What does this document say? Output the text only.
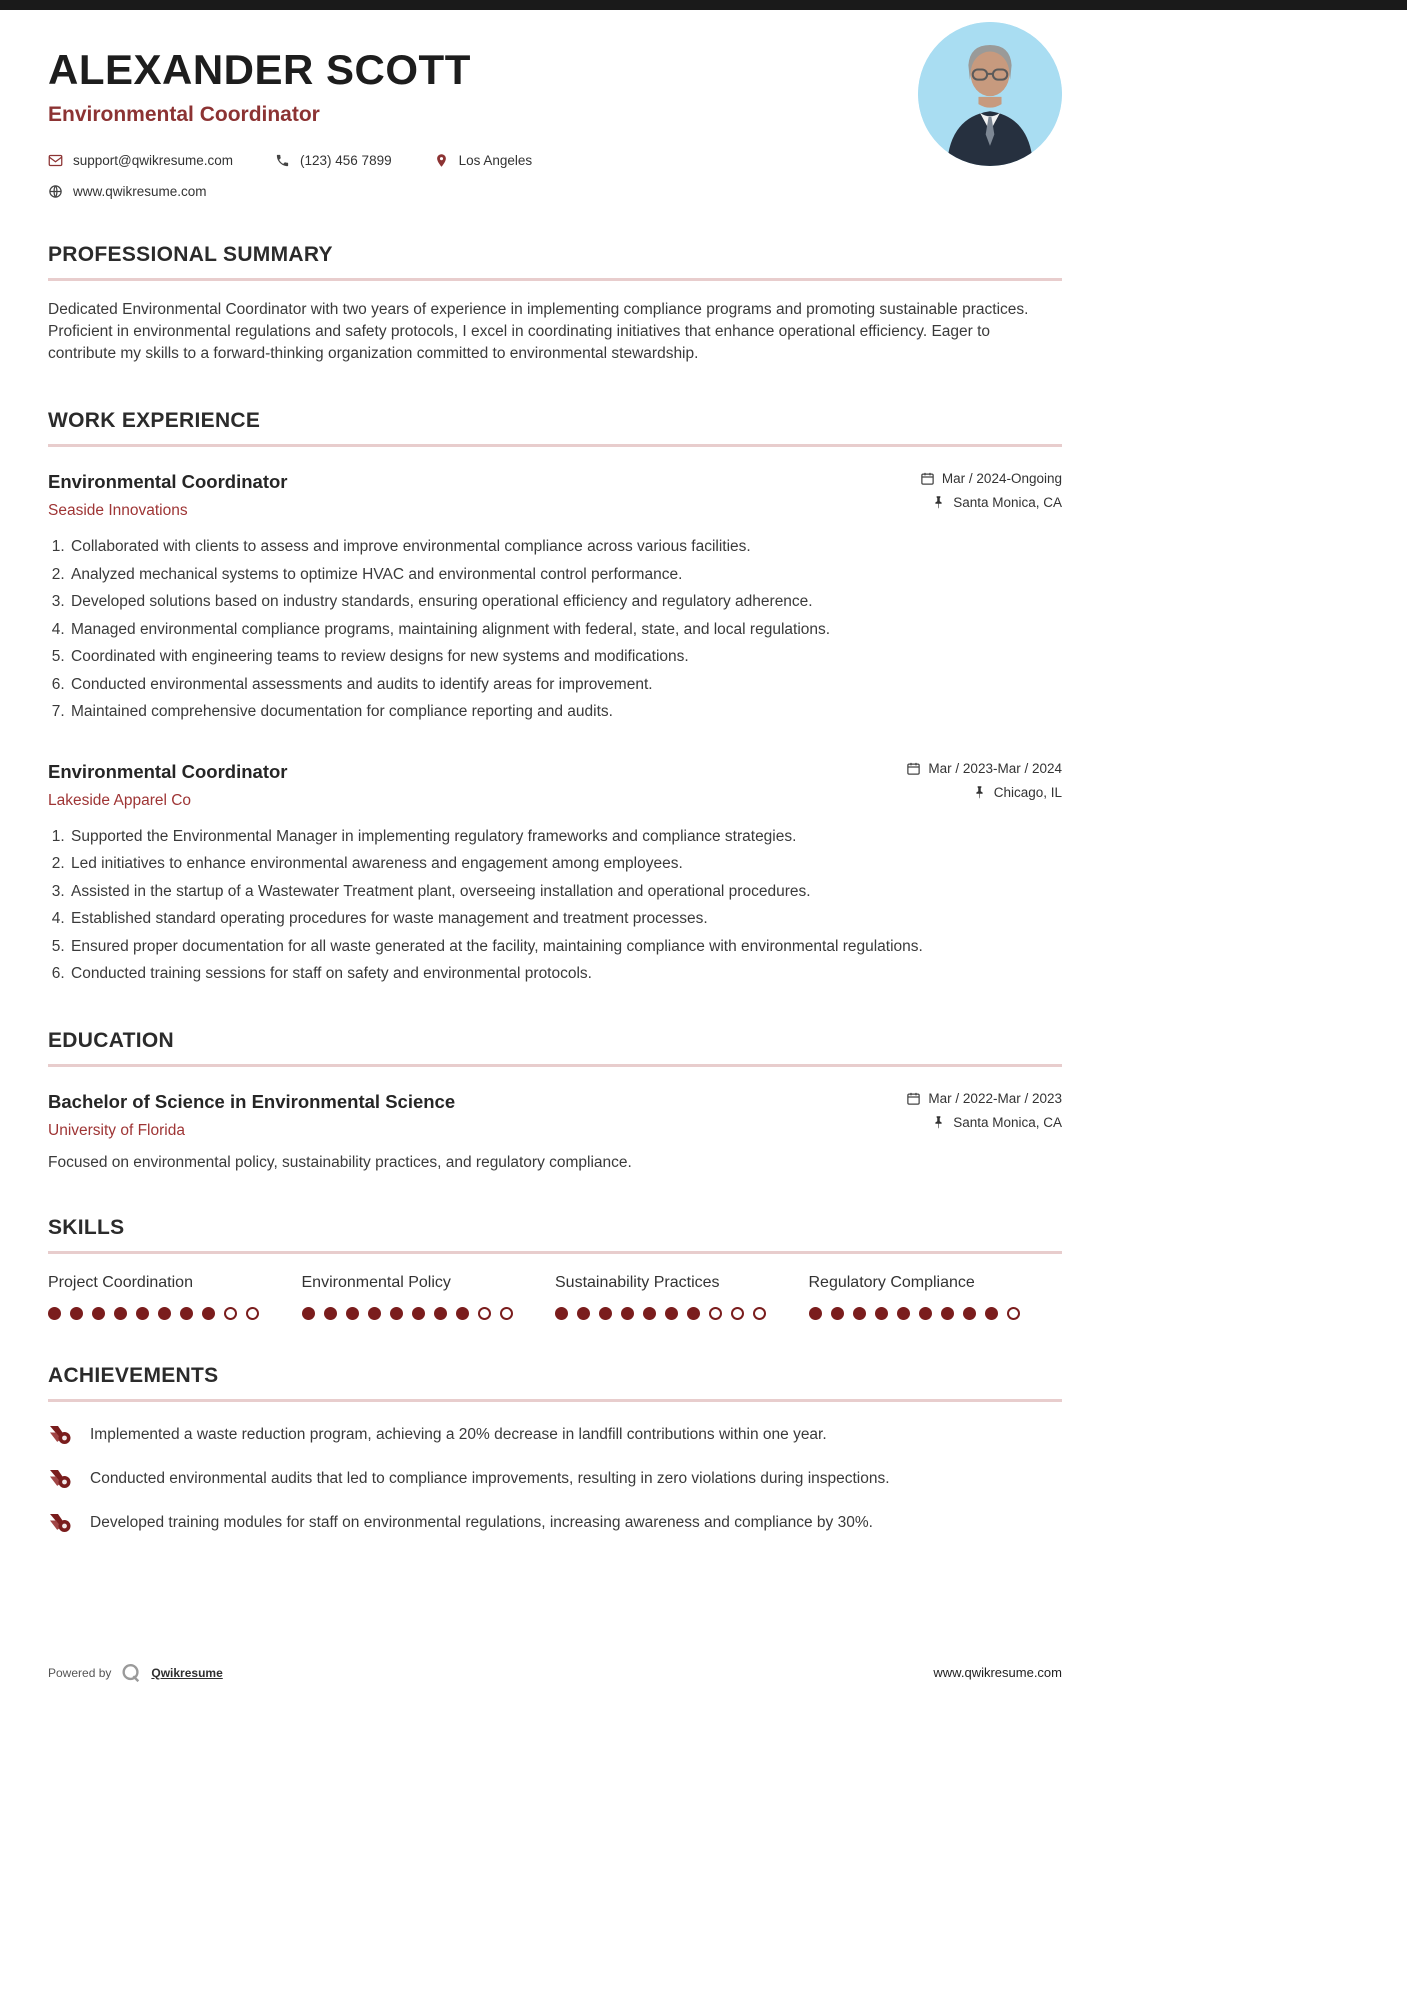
ALEXANDER SCOTT
Environmental Coordinator
support@qwikresume.com	(123) 456 7899	Los Angeles
www.qwikresume.com
PROFESSIONAL SUMMARY

Dedicated Environmental Coordinator with two years of experience in implementing compliance programs and promoting sustainable practices. Proficient in environmental regulations and safety protocols, I excel in coordinating initiatives that enhance operational efficiency. Eager to contribute my skills to a forward-thinking organization committed to environmental stewardship.

WORK EXPERIENCE
Environmental Coordinator
Seaside Innovations
Mar / 2024-Ongoing
Santa Monica, CA
1. Collaborated with clients to assess and improve environmental compliance across various facilities.
2. Analyzed mechanical systems to optimize HVAC and environmental control performance.
3. Developed solutions based on industry standards, ensuring operational efficiency and regulatory adherence.
4. Managed environmental compliance programs, maintaining alignment with federal, state, and local regulations.
5. Coordinated with engineering teams to review designs for new systems and modifications.
6. Conducted environmental assessments and audits to identify areas for improvement.
7. Maintained comprehensive documentation for compliance reporting and audits.
Environmental Coordinator
Lakeside Apparel Co
Mar / 2023-Mar / 2024
Chicago, IL
1. Supported the Environmental Manager in implementing regulatory frameworks and compliance strategies.
2. Led initiatives to enhance environmental awareness and engagement among employees.
3. Assisted in the startup of a Wastewater Treatment plant, overseeing installation and operational procedures.
4. Established standard operating procedures for waste management and treatment processes.
5. Ensured proper documentation for all waste generated at the facility, maintaining compliance with environmental regulations.
6. Conducted training sessions for staff on safety and environmental protocols.
EDUCATION
Bachelor of Science in Environmental Science
University of Florida
Mar / 2022-Mar / 2023
Santa Monica, CA

Focused on environmental policy, sustainability practices, and regulatory compliance.

SKILLS
Project Coordination	Environmental Policy	Sustainability Practices	Regulatory Compliance
ACHIEVEMENTS
Implemented a waste reduction program, achieving a 20% decrease in landfill contributions within one year.
Conducted environmental audits that led to compliance improvements, resulting in zero violations during inspections.
Developed training modules for staff on environmental regulations, increasing awareness and compliance by 30%.
Powered by	Qwikresume	www.qwikresume.com
